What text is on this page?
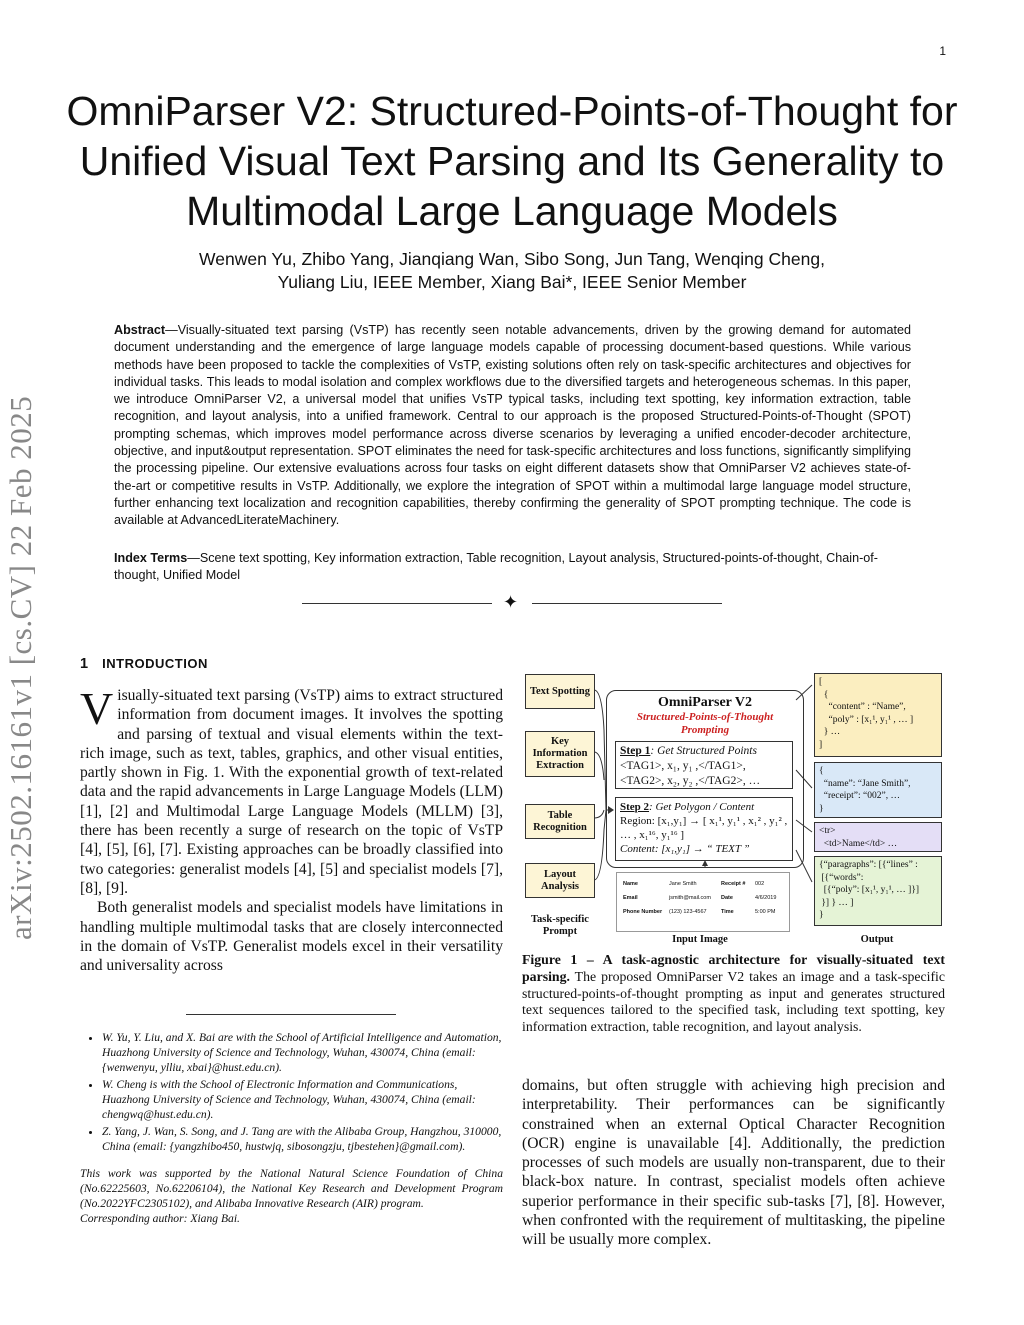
1
OmniParser V2: Structured-Points-of-Thought for Unified Visual Text Parsing and Its Generality to Multimodal Large Language Models
Wenwen Yu, Zhibo Yang, Jianqiang Wan, Sibo Song, Jun Tang, Wenqing Cheng,
Yuliang Liu, IEEE Member, Xiang Bai*, IEEE Senior Member
Abstract—Visually-situated text parsing (VsTP) has recently seen notable advancements, driven by the growing demand for automated document understanding and the emergence of large language models capable of processing document-based questions. While various methods have been proposed to tackle the complexities of VsTP, existing solutions often rely on task-specific architectures and objectives for individual tasks. This leads to modal isolation and complex workflows due to the diversified targets and heterogeneous schemas. In this paper, we introduce OmniParser V2, a universal model that unifies VsTP typical tasks, including text spotting, key information extraction, table recognition, and layout analysis, into a unified framework. Central to our approach is the proposed Structured-Points-of-Thought (SPOT) prompting schemas, which improves model performance across diverse scenarios by leveraging a unified encoder-decoder architecture, objective, and input&output representation. SPOT eliminates the need for task-specific architectures and loss functions, significantly simplifying the processing pipeline. Our extensive evaluations across four tasks on eight different datasets show that OmniParser V2 achieves state-of-the-art or competitive results in VsTP. Additionally, we explore the integration of SPOT within a multimodal large language model structure, further enhancing text localization and recognition capabilities, thereby confirming the generality of SPOT prompting technique. The code is available at AdvancedLiterateMachinery.
Index Terms—Scene text spotting, Key information extraction, Table recognition, Layout analysis, Structured-points-of-thought, Chain-of-thought, Unified Model
✦
arXiv:2502.16161v1 [cs.CV] 22 Feb 2025	1 INTRODUCTION

Visually-situated text parsing (VsTP) aims to extract structured information from document images. It involves the spotting and parsing of textual and visual elements within the text-rich image, such as text, tables, graphics, and other visual entities, partly shown in Fig. 1. With the exponential growth of text-related data and the rapid advancements in Large Language Models (LLM) [1], [2] and Multimodal Large Language Models (MLLM) [3], there has been recently a surge of research on the topic of VsTP [4], [5], [6], [7]. Existing approaches can be broadly classified into two categories: generalist models [4], [5] and specialist models [7], [8], [9].

Both generalist models and specialist models have limitations in handling multiple multimodal tasks that are closely interconnected in the domain of VsTP. Generalist models excel in their versatility and universality across

• W. Yu, Y. Liu, and X. Bai are with the School of Artificial Intelligence and Automation, Huazhong University of Science and Technology, Wuhan, 430074, China (email: {wenwenyu, ylliu, xbai}@hust.edu.cn).
• W. Cheng is with the School of Electronic Information and Communications, Huazhong University of Science and Technology, Wuhan, 430074, China (email: chengwq@hust.edu.cn).
• Z. Yang, J. Wan, S. Song, and J. Tang are with the Alibaba Group, Hangzhou, 310000, China (email: {yangzhibo450, hustwjq, sibosongzju, tjbestehen}@gmail.com).
This work was supported by the National Natural Science Foundation of China (No.62225603, No.62206104), the National Key Research and Development Program (No.2022YFC2305102), and Alibaba Innovative Research (AIR) program.
Corresponding author: Xiang Bai.
Text Spotting
Key Information Extraction
Table Recognition
Layout Analysis
Task-specific Prompt
OmniParser V2
Structured-Points-of-Thought Prompting
Step 1: Get Structured Points
<TAG1>, x₁, y₁ ,</TAG1>,
<TAG2>, x₂, y₂ ,</TAG2>, …
Step 2: Get Polygon / Content
Region: [x₁,y₁] → [ x₁¹, y₁¹ , x₁² , y₁² , … , x₁¹⁶, y₁¹⁶ ]
Content: [x₁,y₁] → “ TEXT ”
Name	Jane Smith	Receipt #	002
Email	jsmith@mail.com	Date	4/6/2019
Phone Number	(123) 123-4567	Time	5:00 PM
Input Image
[
{
“content” : “Name”,
“poly” : [x₁¹, y₁¹ , … ]
} …
]
{
“name”: “Jane Smith”,
“receipt”: “002”, …
}
<tr>
<td>Name</td> …
{“paragraphs”: [{“lines” :
[{“words”:
[{“poly”: [x₁¹, y₁¹, … ]}]
}] } … ]
}
Output
Figure 1 – A task-agnostic architecture for visually-situated text parsing. The proposed OmniParser V2 takes an image and a task-specific structured-points-of-thought prompting as input and generates structured text sequences tailored to the specified task, including text spotting, key information extraction, table recognition, and layout analysis.
domains, but often struggle with achieving high precision and interpretability. Their performances can be significantly constrained when an external Optical Character Recognition (OCR) engine is unavailable [4]. Additionally, the prediction processes of such models are usually non-transparent, due to their black-box nature. In contrast, specialist models often achieve superior performance in their specific sub-tasks [7], [8]. However, when confronted with the requirement of multitasking, the pipeline will be usually more complex.
